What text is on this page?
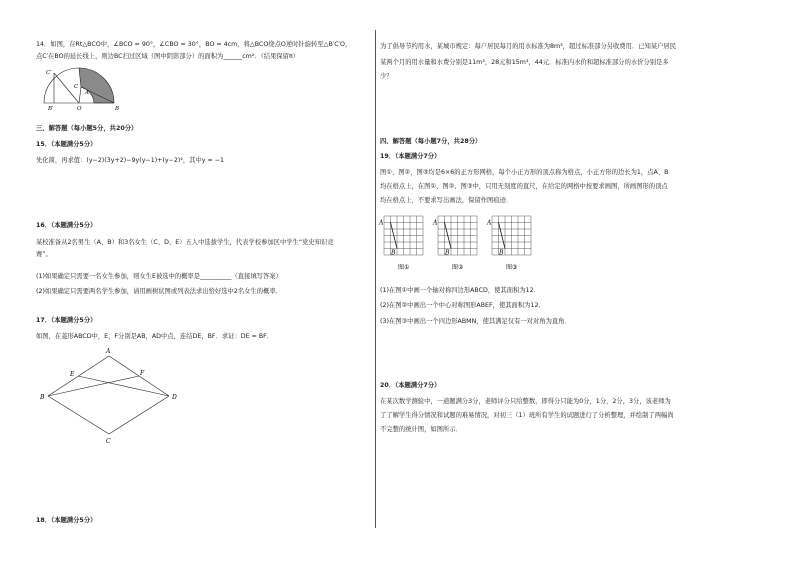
14．如图，在Rt△BCO中，∠BCO = 90°，∠CBO = 30°，BO = 4cm，将△BCO绕点O逆时针旋转至△B′C′O，
点C′在BO的延长线上，则边BC扫过区域（图中阴影部分）的面积为______cm²．（结果保留π）
C′
B′
C
A
O	B
三、解答题（每小题5分，共20分）
15．（本题满分5分）
先化简，再求值：(y−2)(3y+2)−9y(y−1)+(y−2)²，其中y = −1
16．（本题满分5分）
某校准备从2名男生（A、B）和3名女生（C、D、E）五人中选拔学生，代表学校参加区中学生“党史知识竞
赛”。
(1)如果确定只需要一名女生参加，则女生E被选中的概率是__________（直接填写答案）
(2)如果确定只需要两名学生参加，请用画树状图或列表法求出恰好选中2名女生的概率．
17．（本题满分5分）
如图，在菱形ABCD中，E，F分别是AB，AD中点，连结DE，BF．求证：DE = BF．
A
E	F
B	D
C
18．（本题满分5分）
为了倡导节约用水，某城市规定：每户居民每月的用水标准为8m³，超过标准部分另收费用．已知某户居民
某两个月的用水量和水费分别是11m³，28元和15m³，44元．标准内水价和超标准部分的水价分别是多
少？
四、解答题（每小题7分，共28分）
19．（本题满分7分）
图①、图②、图③均是6×6的正方形网格，每个小正方形的顶点称为格点，小正方形的边长为1，点A、B
均在格点上，在图①、图②、图③中，只用无刻度的直尺，在给定的网格中按要求画图，所画图形的顶点
均在格点上，不要求写出画法，保留作图痕迹．
A
B
图①
A
B
图②
A
B
图③
(1)在图①中画一个轴对称四边形ABCD，使其面积为12．
(2)在图②中画出一个中心对称图形ABEF，使其面积为12．
(3)在图③中画出一个四边形ABMN，使其满足仅有一对对角为直角．
20．（本题满分7分）
在某次数学测验中，一道题满分3分，老师评分只给整数，即得分只能为0分，1分，2分，3分，该老师为
了了解学生得分情况和试题的难易情况，对初三（1）班所有学生的试题进行了分析整理，并绘制了两幅尚
不完整的统计图，如图所示．
